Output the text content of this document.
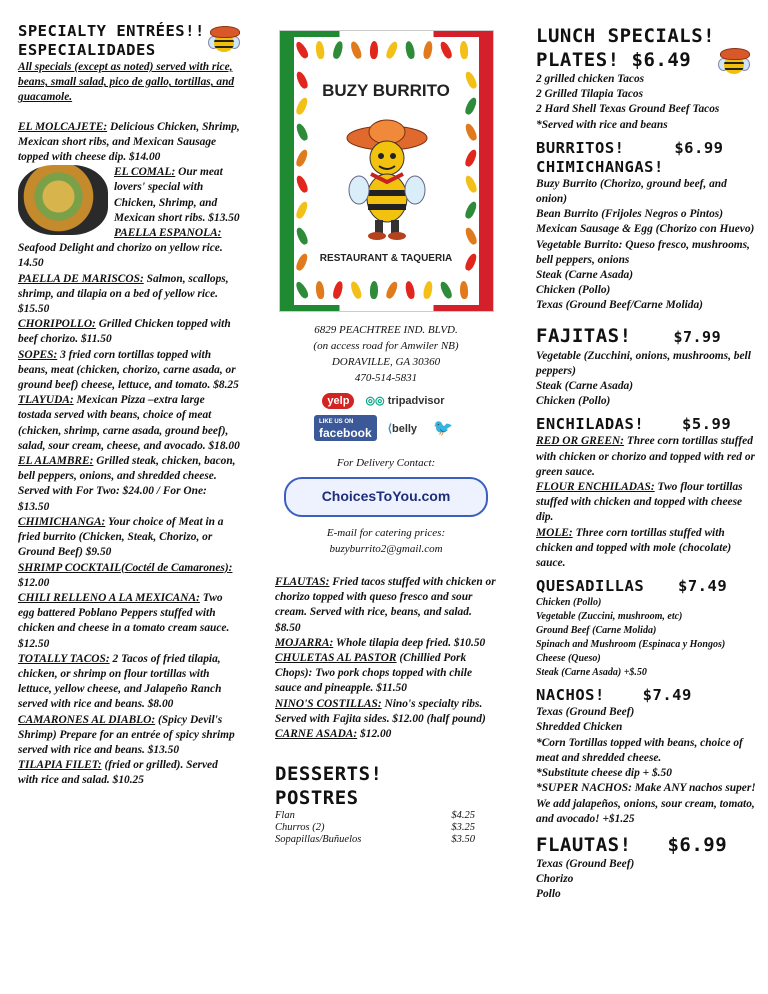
SPECIALTY ENTRÉES!!

ESPECIALIDADES

All specials (except as noted) served with rice, beans, small salad, pico de gallo, tortillas, and guacamole.

EL MOLCAJETE: Delicious Chicken, Shrimp, Mexican short ribs, and Mexican Sausage topped with cheese dip. $14.00

EL COMAL: Our meat lovers' special with Chicken, Shrimp, and Mexican short ribs. $13.50

PAELLA ESPANOLA: Seafood Delight and chorizo on yellow rice. 14.50

PAELLA DE MARISCOS: Salmon, scallops, shrimp, and tilapia on a bed of yellow rice. $15.50

CHORIPOLLO: Grilled Chicken topped with beef chorizo. $11.50

SOPES: 3 fried corn tortillas topped with beans, meat (chicken, chorizo, carne asada, or ground beef) cheese, lettuce, and tomato. $8.25

TLAYUDA: Mexican Pizza –extra large tostada served with beans, choice of meat (chicken, shrimp, carne asada, ground beef), salad, sour cream, cheese, and avocado. $18.00

EL ALAMBRE: Grilled steak, chicken, bacon, bell peppers, onions, and shredded cheese. Served with For Two: $24.00 / For One: $13.50

CHIMICHANGA: Your choice of Meat in a fried burrito (Chicken, Steak, Chorizo, or Ground Beef) $9.50

SHRIMP COCKTAIL(Coctél de Camarones): $12.00

CHILI RELLENO A LA MEXICANA: Two egg battered Poblano Peppers stuffed with chicken and cheese in a tomato cream sauce. $12.50

TOTALLY TACOS: 2 Tacos of fried tilapia, chicken, or shrimp on flour tortillas with lettuce, yellow cheese, and Jalapeño Ranch served with rice and beans. $8.00

CAMARONES AL DIABLO: (Spicy Devil's Shrimp) Prepare for an entrée of spicy shrimp served with rice and beans. $13.50

TILAPIA FILET: (fried or grilled). Served with rice and salad. $10.25

BUZY BURRITO
RESTAURANT & TAQUERIA
6829 PEACHTREE IND. BLVD.
(on access road for Amwiler NB)
DORAVILLE, GA 30360
470-514-5831
yelp	◎◎ tripadvisor
LIKE US ON
facebook	⟨belly	🐦
For Delivery Contact:
ChoicesToYou.com
E-mail for catering prices:
buzyburrito2@gmail.com

FLAUTAS: Fried tacos stuffed with chicken or chorizo topped with queso fresco and sour cream. Served with rice, beans, and salad. $8.50

MOJARRA: Whole tilapia deep fried. $10.50

CHULETAS AL PASTOR (Chillied Pork Chops): Two pork chops topped with chile sauce and pineapple. $11.50

NINO'S COSTILLAS: Nino's specialty ribs. Served with Fajita sides. $12.00 (half pound)

CARNE ASADA: $12.00

DESSERTS!

POSTRES

Flan	$4.25
Churros (2)	$3.25
Sopapillas/Buñuelos	$3.50

LUNCH SPECIALS!

PLATES! $6.49

2 grilled chicken Tacos
2 Grilled Tilapia Tacos
2 Hard Shell Texas Ground Beef Tacos
*Served with rice and beans

BURRITOS!	$6.99

CHIMICHANGAS!

Buzy Burrito (Chorizo, ground beef, and onion)
Bean Burrito (Frijoles Negros o Pintos)
Mexican Sausage & Egg (Chorizo con Huevo)
Vegetable Burrito: Queso fresco, mushrooms, bell peppers, onions
Steak (Carne Asada)
Chicken (Pollo)
Texas (Ground Beef/Carne Molida)

FAJITAS!	$7.99

Vegetable (Zucchini, onions, mushrooms, bell peppers)
Steak (Carne Asada)
Chicken (Pollo)

ENCHILADAS! $5.99

RED OR GREEN: Three corn tortillas stuffed with chicken or chorizo and topped with red or green sauce.

FLOUR ENCHILADAS: Two flour tortillas stuffed with chicken and topped with cheese dip.

MOLE: Three corn tortillas stuffed with chicken and topped with mole (chocolate) sauce.

QUESADILLAS $7.49

Chicken (Pollo)
Vegetable (Zuccini, mushroom, etc)
Ground Beef (Carne Molida)
Spinach and Mushroom (Espinaca y Hongos)
Cheese (Queso)
Steak (Carne Asada) +$.50

NACHOS! $7.49

Texas (Ground Beef)
Shredded Chicken
*Corn Tortillas topped with beans, choice of meat and shredded cheese.
*Substitute cheese dip + $.50
*SUPER NACHOS: Make ANY nachos super!
We add jalapeños, onions, sour cream, tomato, and avocado! +$1.25

FLAUTAS! $6.99

Texas (Ground Beef)
Chorizo
Pollo
